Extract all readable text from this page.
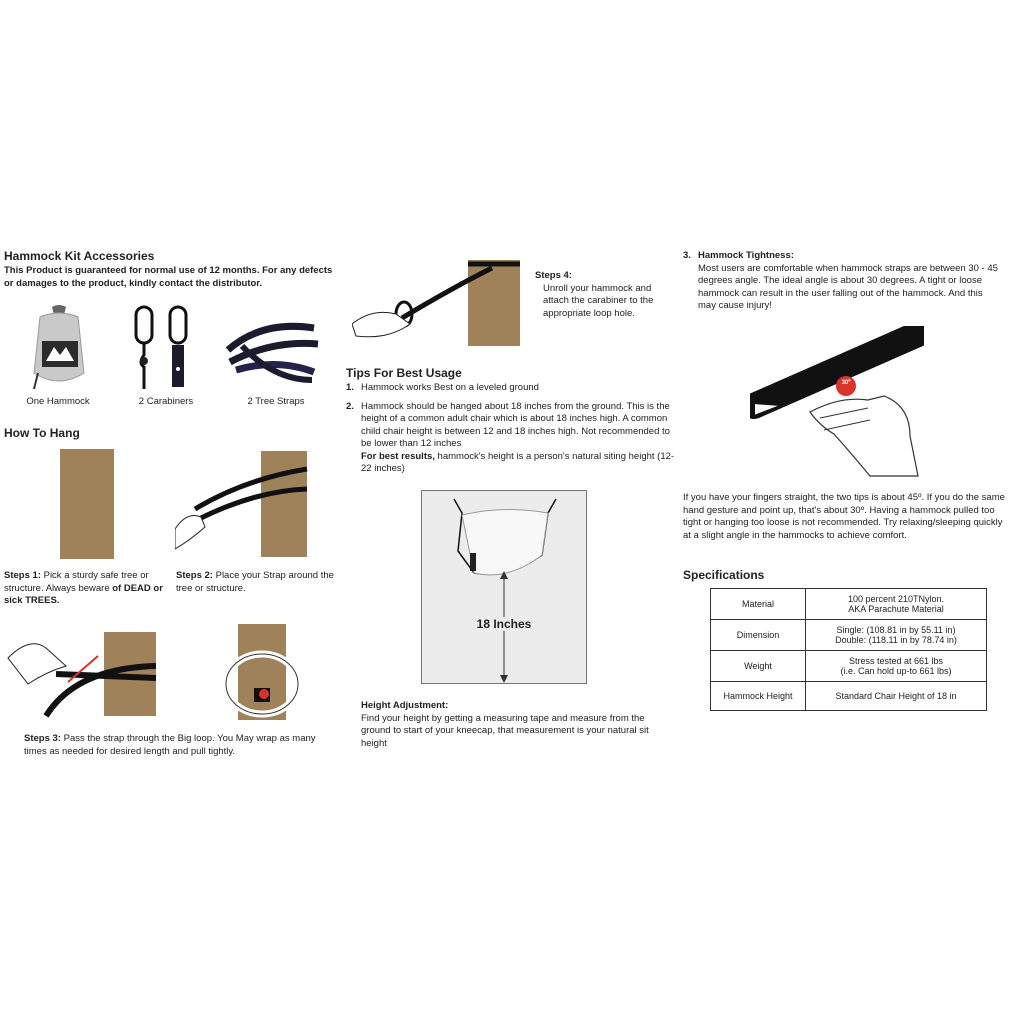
Hammock Kit Accessories
This Product is guaranteed for normal use of 12 months. For any defects or damages to the product, kindly contact the distributor.
HAMMOCK
One Hammock	2 Carabiners	2 Tree Straps
How To Hang
Steps 1: Pick a sturdy safe tree or structure. Always beware of DEAD or sick TREES.
Steps 2: Place your Strap around the tree or structure.
Steps 3: Pass the strap through the Big loop. You May wrap as many times as needed for desired length and pull tightly.
Steps 4:
Unroll your hammock and attach the carabiner to the appropriate loop hole.
Tips For Best Usage
1. Hammock works Best on a leveled ground
2. Hammock should be hanged about 18 inches from the ground. This is the height of a common adult chair which is about 18 inches high. A common child chair height is between 12 and 18 inches high. Not recommended to be lower than 12 inches
For best results, hammock's height is a person's natural siting height (12-22 inches)
18 Inches
Height Adjustment:
Find your height by getting a measuring tape and measure from the ground to start of your kneecap, that measurement is your natural sit height
3. Hammock Tightness:
Most users are comfortable when hammock straps are between 30 - 45 degrees angle. The ideal angle is about 30 degrees. A tight or loose hammock can result in the user falling out of the hammock. And this may cause injury!
30º
If you have your fingers straight, the two tips is about 45º. If you do the same hand gesture and point up, that's about 30º. Having a hammock pulled too tight or hanging too loose is not recommended. Try relaxing/sleeping quickly at a slight angle in the hammocks to achieve comfort.
Specifications
Material	100 percent 210TNylon.
AKA Parachute Material

Dimension	Single: (108.81 in by 55.11 in)
Double: (118.11 in by 78.74 in)

Weight	Stress tested at 661 lbs
(i.e. Can hold up-to 661 lbs)

Hammock Height	Standard Chair Height of 18 in
